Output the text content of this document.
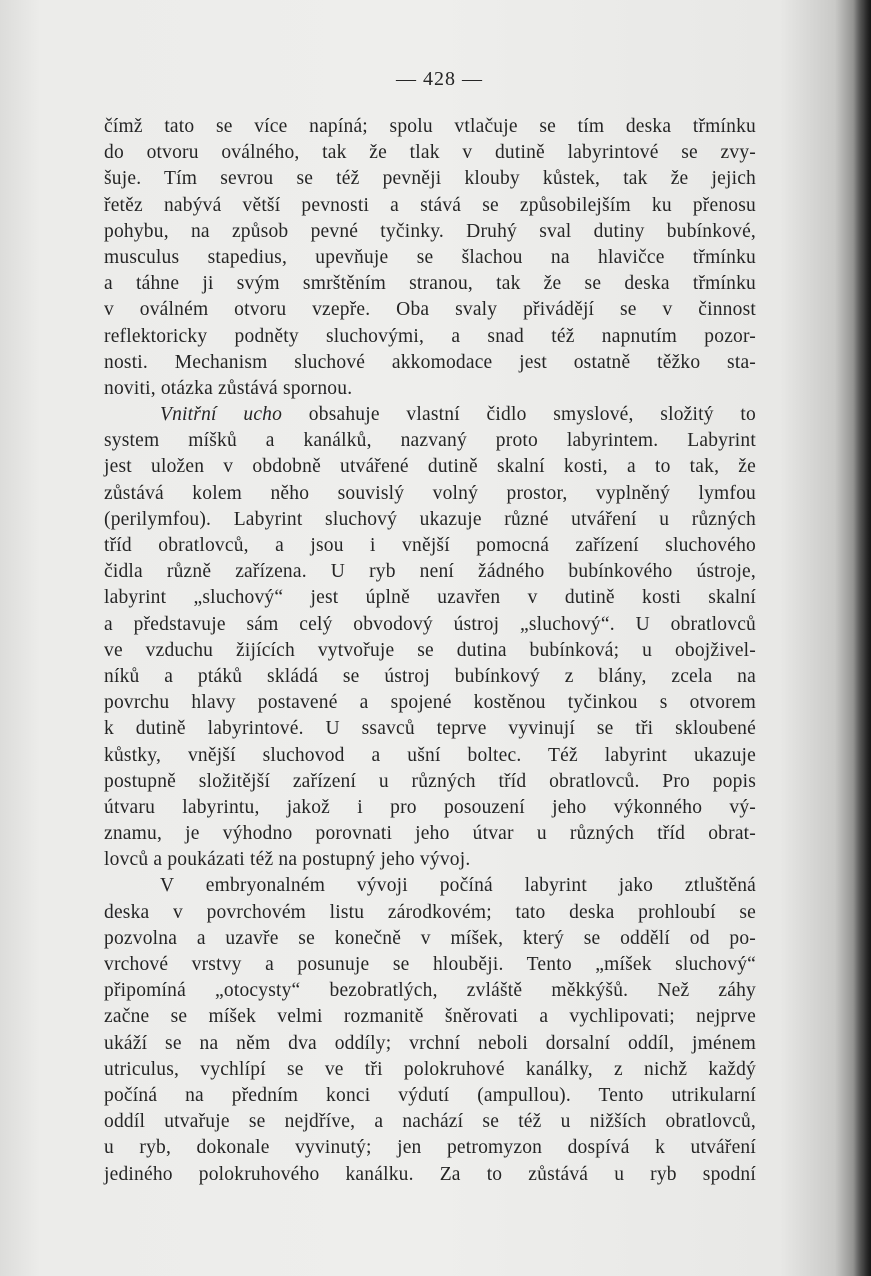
— 428 —
čímž tato se více napíná; spolu vtlačuje se tím deska třmínku
do otvoru oválného, tak že tlak v dutině labyrintové se zvy-
šuje. Tím sevrou se též pevněji klouby kůstek, tak že jejich
řetěz nabývá větší pevnosti a stává se způsobilejším ku přenosu
pohybu, na způsob pevné tyčinky. Druhý sval dutiny bubínkové,
musculus stapedius, upevňuje se šlachou na hlavičce třmínku
a táhne ji svým smrštěním stranou, tak že se deska třmínku
v oválném otvoru vzepře. Oba svaly přivádějí se v činnost
reflektoricky podněty sluchovými, a snad též napnutím pozor-
nosti. Mechanism sluchové akkomodace jest ostatně těžko sta-
noviti, otázka zůstává spornou.
Vnitřní ucho obsahuje vlastní čidlo smyslové, složitý to
system míšků a kanálků, nazvaný proto labyrintem. Labyrint
jest uložen v obdobně utvářené dutině skalní kosti, a to tak, že
zůstává kolem něho souvislý volný prostor, vyplněný lymfou
(perilymfou). Labyrint sluchový ukazuje různé utváření u různých
tříd obratlovců, a jsou i vnější pomocná zařízení sluchového
čidla různě zařízena. U ryb není žádného bubínkového ústroje,
labyrint „sluchový“ jest úplně uzavřen v dutině kosti skalní
a představuje sám celý obvodový ústroj „sluchový“. U obratlovců
ve vzduchu žijících vytvořuje se dutina bubínková; u obojživel-
níků a ptáků skládá se ústroj bubínkový z blány, zcela na
povrchu hlavy postavené a spojené kostěnou tyčinkou s otvorem
k dutině labyrintové. U ssavců teprve vyvinují se tři skloubené
kůstky, vnější sluchovod a ušní boltec. Též labyrint ukazuje
postupně složitější zařízení u různých tříd obratlovců. Pro popis
útvaru labyrintu, jakož i pro posouzení jeho výkonného vý-
znamu, je výhodno porovnati jeho útvar u různých tříd obrat-
lovců a poukázati též na postupný jeho vývoj.
V embryonalném vývoji počíná labyrint jako ztluštěná
deska v povrchovém listu zárodkovém; tato deska prohloubí se
pozvolna a uzavře se konečně v míšek, který se oddělí od po-
vrchové vrstvy a posunuje se hlouběji. Tento „míšek sluchový“
připomíná „otocysty“ bezobratlých, zvláště měkkýšů. Než záhy
začne se míšek velmi rozmanitě šněrovati a vychlipovati; nejprve
ukáží se na něm dva oddíly; vrchní neboli dorsalní oddíl, jménem
utriculus, vychlípí se ve tři polokruhové kanálky, z nichž každý
počíná na předním konci výdutí (ampullou). Tento utrikularní
oddíl utvařuje se nejdříve, a nachází se též u nižších obratlovců,
u ryb, dokonale vyvinutý; jen petromyzon dospívá k utváření
jediného polokruhového kanálku. Za to zůstává u ryb spodní
